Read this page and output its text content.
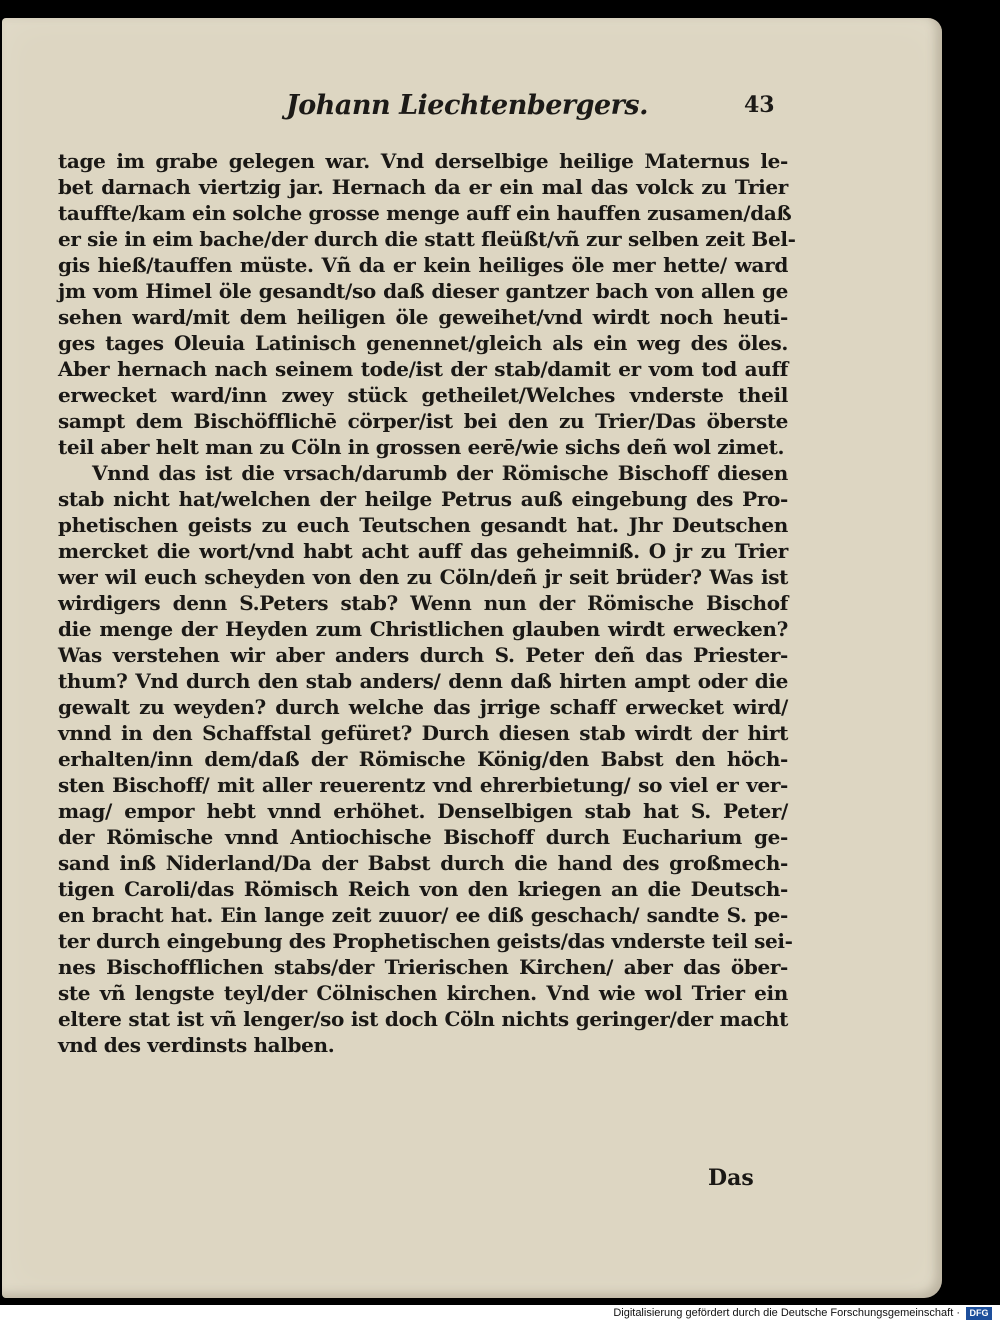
Johann Liechtenbergers.	43
tage im grabe gelegen war. Vnd derselbige heilige Maternus le-
bet darnach viertzig jar. Hernach da er ein mal das volck zu Trier
tauffte/kam ein solche grosse menge auff ein hauffen zusamen/daß
er sie in eim bache/der durch die statt fleüßt/vñ zur selben zeit Bel-
gis hieß/tauffen müste. Vñ da er kein heiliges öle mer hette/ ward
jm vom Himel öle gesandt/so daß dieser gantzer bach von allen ge
sehen ward/mit dem heiligen öle geweihet/vnd wirdt noch heuti-
ges tages Oleuia Latinisch genennet/gleich als ein weg des öles.
Aber hernach nach seinem tode/ist der stab/damit er vom tod auff
erwecket ward/inn zwey stück getheilet/Welches vnderste theil
sampt dem Bischöfflichē cörper/ist bei den zu Trier/Das öberste
teil aber helt man zu Cöln in grossen eerē/wie sichs deñ wol zimet.
Vnnd das ist die vrsach/darumb der Römische Bischoff diesen
stab nicht hat/welchen der heilge Petrus auß eingebung des Pro-
phetischen geists zu euch Teutschen gesandt hat. Jhr Deutschen
mercket die wort/vnd habt acht auff das geheimniß. O jr zu Trier
wer wil euch scheyden von den zu Cöln/deñ jr seit brüder? Was ist
wirdigers denn S.Peters stab? Wenn nun der Römische Bischof
die menge der Heyden zum Christlichen glauben wirdt erwecken?
Was verstehen wir aber anders durch S. Peter deñ das Priester-
thum? Vnd durch den stab anders/ denn daß hirten ampt oder die
gewalt zu weyden? durch welche das jrrige schaff erwecket wird/
vnnd in den Schaffstal gefüret? Durch diesen stab wirdt der hirt
erhalten/inn dem/daß der Römische König/den Babst den höch-
sten Bischoff/ mit aller reuerentz vnd ehrerbietung/ so viel er ver-
mag/ empor hebt vnnd erhöhet. Denselbigen stab hat S. Peter/
der Römische vnnd Antiochische Bischoff durch Eucharium ge-
sand inß Niderland/Da der Babst durch die hand des großmech-
tigen Caroli/das Römisch Reich von den kriegen an die Deutsch-
en bracht hat. Ein lange zeit zuuor/ ee diß geschach/ sandte S. pe-
ter durch eingebung des Prophetischen geists/das vnderste teil sei-
nes Bischofflichen stabs/der Trierischen Kirchen/ aber das öber-
ste vñ lengste teyl/der Cölnischen kirchen. Vnd wie wol Trier ein
eltere stat ist vñ lenger/so ist doch Cöln nichts geringer/der macht
vnd des verdinsts halben.
Das
Digitalisierung gefördert durch die Deutsche Forschungsgemeinschaft ·	DFG
